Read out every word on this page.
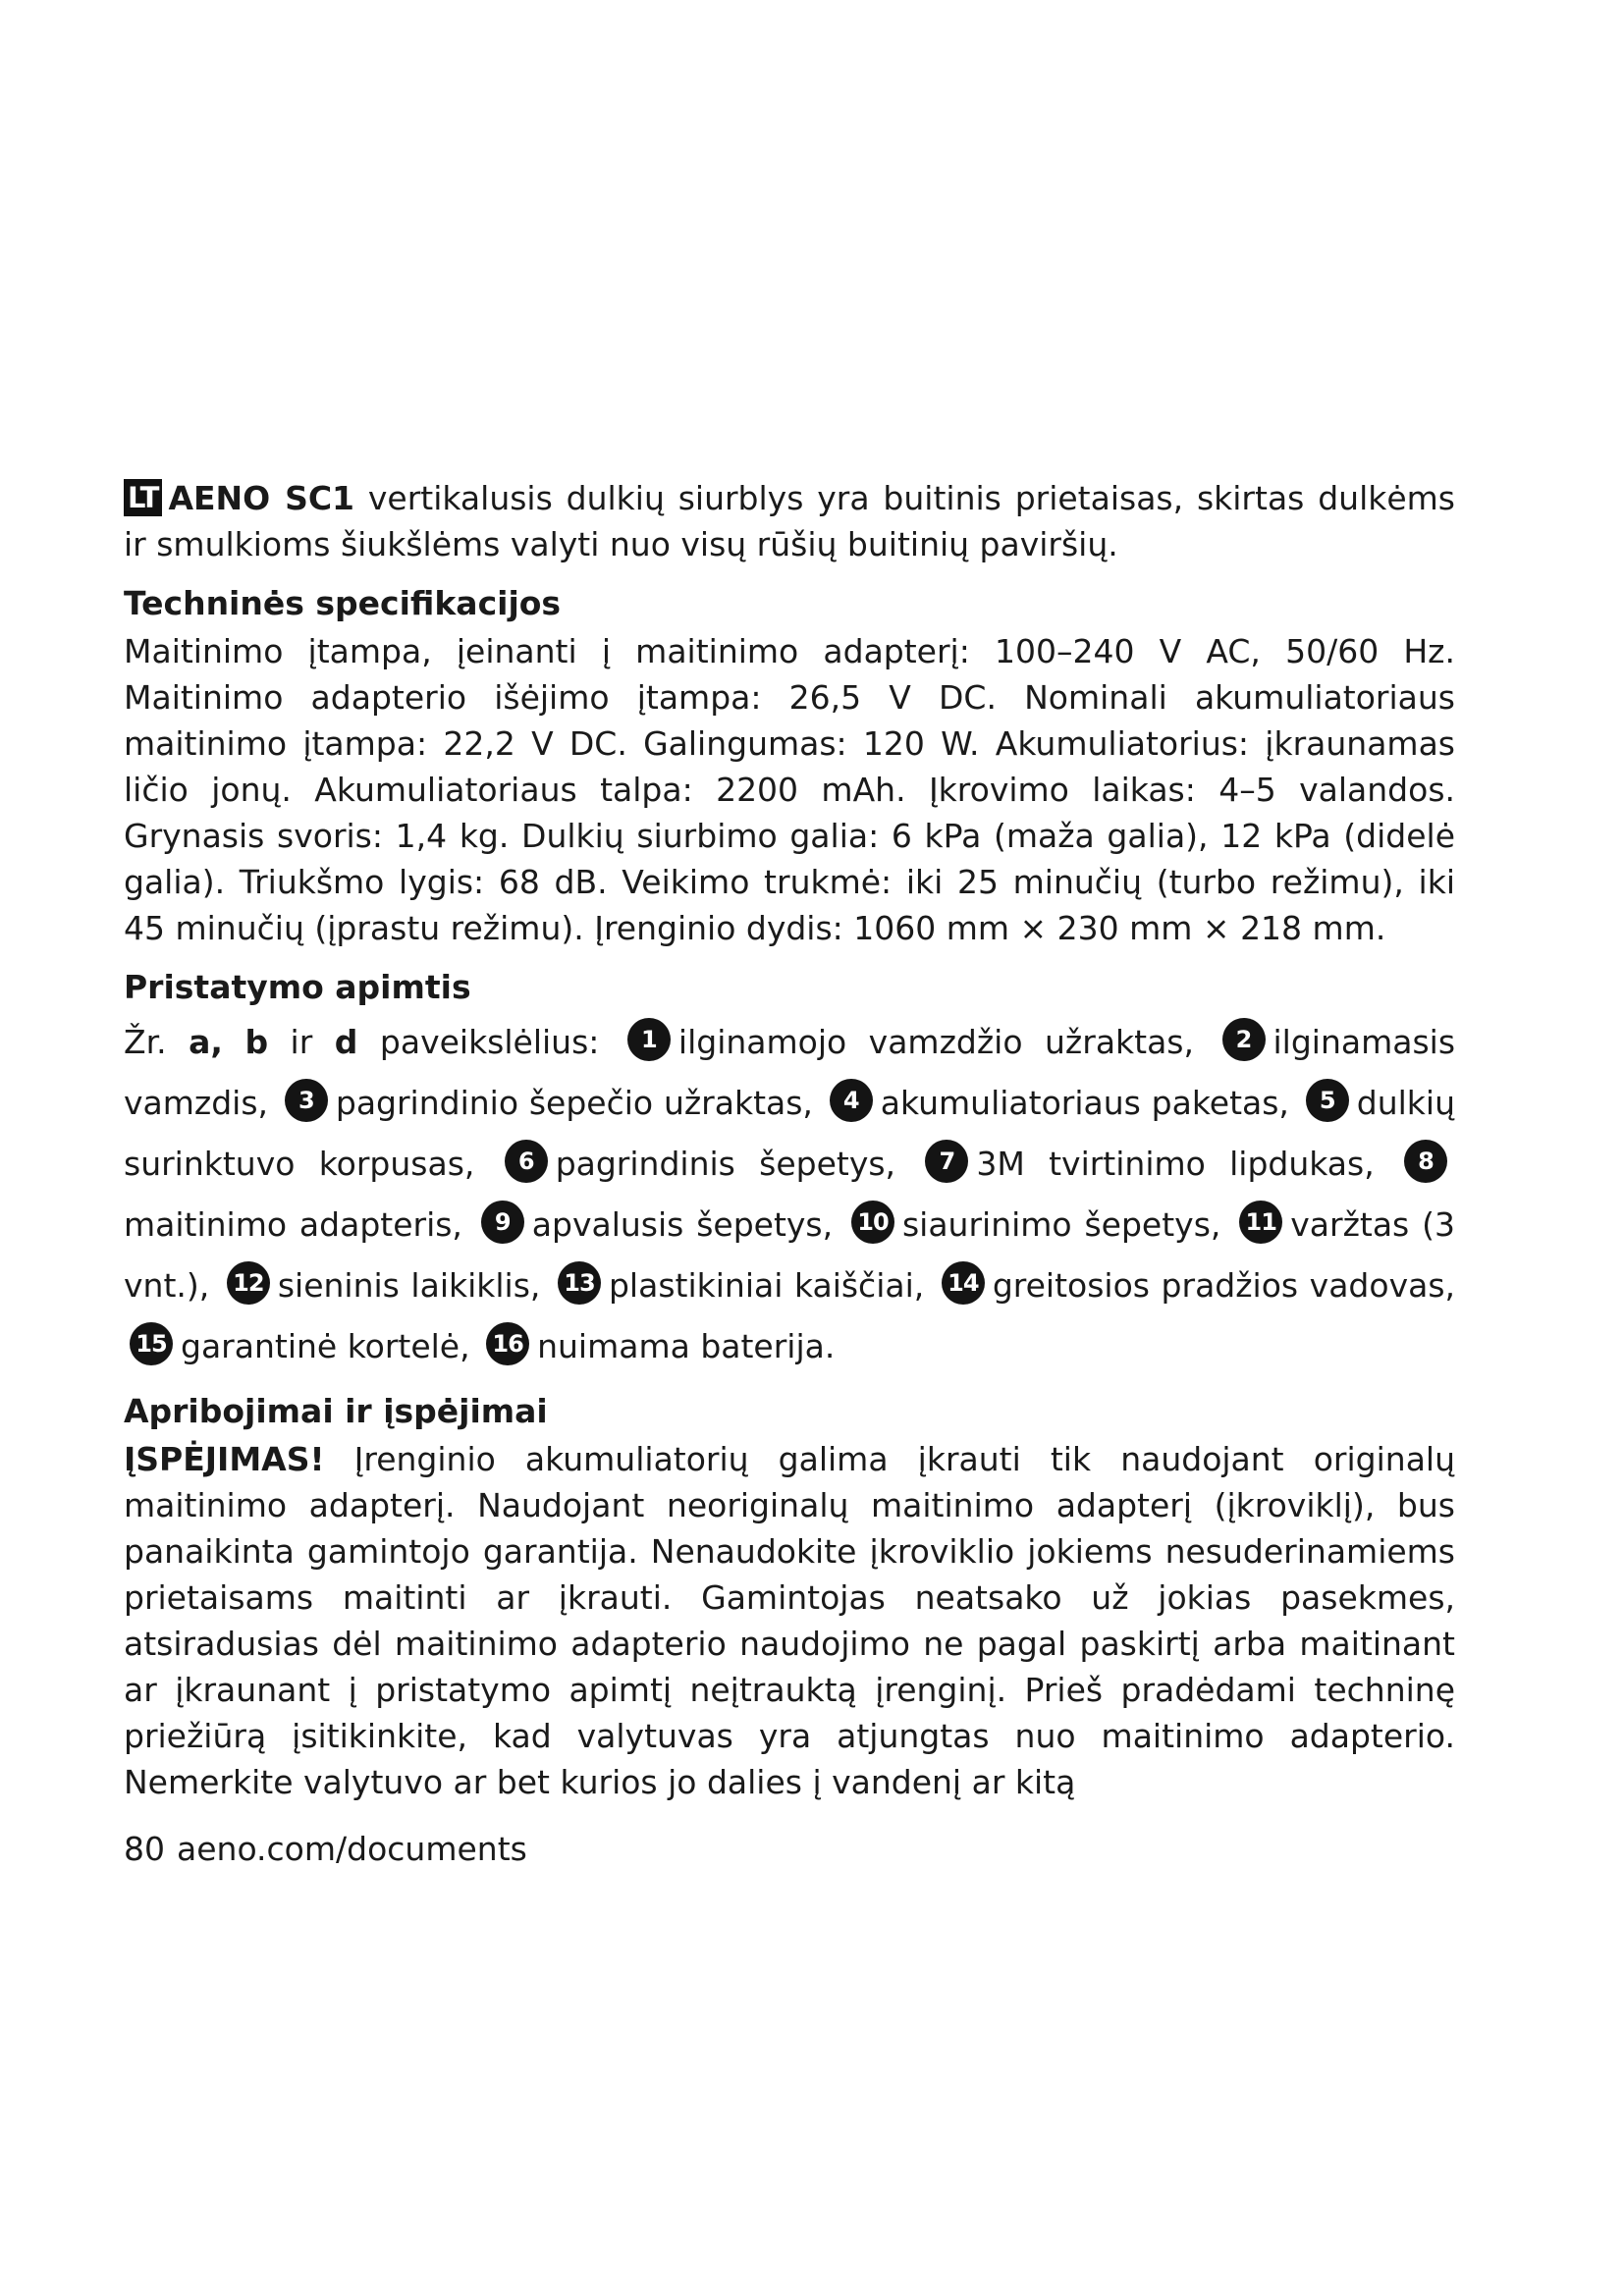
LT AENO SC1 vertikalusis dulkių siurblys yra buitinis prietaisas, skirtas dulkėms ir smulkioms šiukšlėms valyti nuo visų rūšių buitinių paviršių.

Techninės specifikacijos

Maitinimo įtampa, įeinanti į maitinimo adapterį: 100–240 V AC, 50/60 Hz. Maitinimo adapterio išėjimo įtampa: 26,5 V DC. Nominali akumuliatoriaus maitinimo įtampa: 22,2 V DC. Galingumas: 120 W. Akumuliatorius: įkraunamas ličio jonų. Akumuliatoriaus talpa: 2200 mAh. Įkrovimo laikas: 4–5 valandos. Grynasis svoris: 1,4 kg. Dulkių siurbimo galia: 6 kPa (maža galia), 12 kPa (didelė galia). Triukšmo lygis: 68 dB. Veikimo trukmė: iki 25 minučių (turbo režimu), iki 45 minučių (įprastu režimu). Įrenginio dydis: 1060 mm × 230 mm × 218 mm.

Pristatymo apimtis

Žr. a, b ir d paveikslėlius: 1 ilginamojo vamzdžio užraktas, 2 ilginamasis vamzdis, 3 pagrindinio šepečio užraktas, 4 akumuliatoriaus paketas, 5 dulkių surinktuvo korpusas, 6 pagrindinis šepetys, 7 3M tvirtinimo lipdukas, 8maitinimo adapteris, 9 apvalusis šepetys, 10 siaurinimo šepetys, 11 varžtas (3 vnt.), 12 sieninis laikiklis, 13 plastikiniai kaiščiai, 14 greitosios pradžios vadovas, 15 garantinė kortelė, 16 nuimama baterija.

Apribojimai ir įspėjimai

ĮSPĖJIMAS! Įrenginio akumuliatorių galima įkrauti tik naudojant originalų maitinimo adapterį. Naudojant neoriginalų maitinimo adapterį (įkroviklį), bus panaikinta gamintojo garantija. Nenaudokite įkroviklio jokiems nesuderinamiems prietaisams maitinti ar įkrauti. Gamintojas neatsako už jokias pasekmes, atsiradusias dėl maitinimo adapterio naudojimo ne pagal paskirtį arba maitinant ar įkraunant į pristatymo apimtį neįtrauktą įrenginį. Prieš pradėdami techninę priežiūrą įsitikinkite, kad valytuvas yra atjungtas nuo maitinimo adapterio. Nemerkite valytuvo ar bet kurios jo dalies į vandenį ar kitą

80 aeno.com/documents
